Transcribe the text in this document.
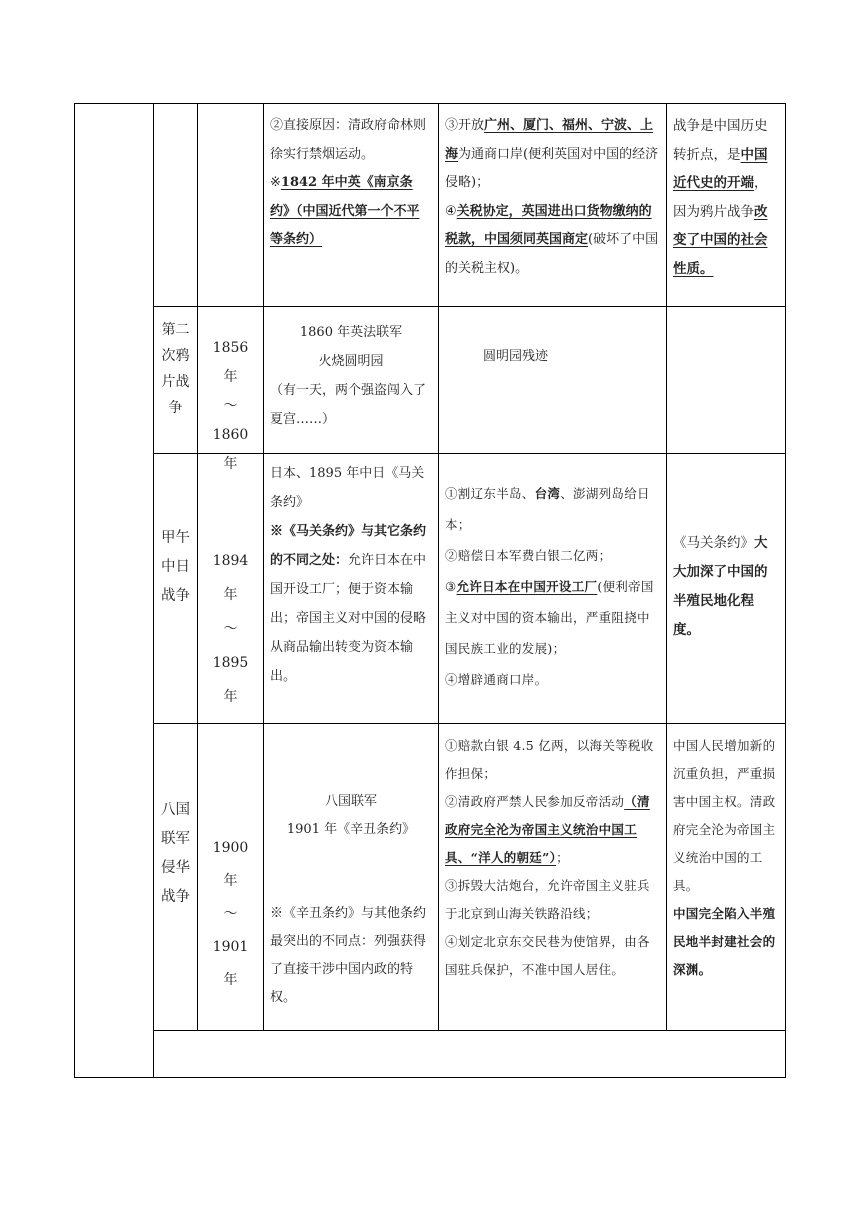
②直接原因：清政府命林则徐实行禁烟运动。

※1842 年中英《南京条约》（中国近代第一个不平等条约）

③开放广州、厦门、福州、宁波、上海为通商口岸(便利英国对中国的经济侵略)；

④关税协定，英国进出口货物缴纳的税款，中国须同英国商定(破坏了中国的关税主权)。

战争是中国历史转折点，是中国近代史的开端，因为鸦片战争改变了中国的社会性质。

第二次鸦片战争

1856 年

～

1860 年

1860 年英法联军

火烧圆明园

（有一天，两个强盗闯入了夏宫……）

圆明园残迹

甲午中日战争

1894 年

～

1895 年

日本、1895 年中日《马关条约》

※《马关条约》与其它条约的不同之处：允许日本在中国开设工厂；便于资本输出；帝国主义对中国的侵略从商品输出转变为资本输出。

①割辽东半岛、台湾、澎湖列岛给日本；

②赔偿日本军费白银二亿两；

③允许日本在中国开设工厂(便利帝国主义对中国的资本输出，严重阻挠中国民族工业的发展)；

④增辟通商口岸。

《马关条约》大大加深了中国的半殖民地化程度。

八国联军侵华战争

1900 年

～

1901 年

八国联军

1901 年《辛丑条约》

※《辛丑条约》与其他条约最突出的不同点：列强获得了直接干涉中国内政的特权。

①赔款白银 4.5 亿两，以海关等税收作担保；

②清政府严禁人民参加反帝活动（清政府完全沦为帝国主义统治中国工具、“洋人的朝廷”）；

③拆毁大沽炮台，允许帝国主义驻兵于北京到山海关铁路沿线；

④划定北京东交民巷为使馆界，由各国驻兵保护，不准中国人居住。

中国人民增加新的沉重负担，严重损害中国主权。清政府完全沦为帝国主义统治中国的工具。

中国完全陷入半殖民地半封建社会的深渊。
